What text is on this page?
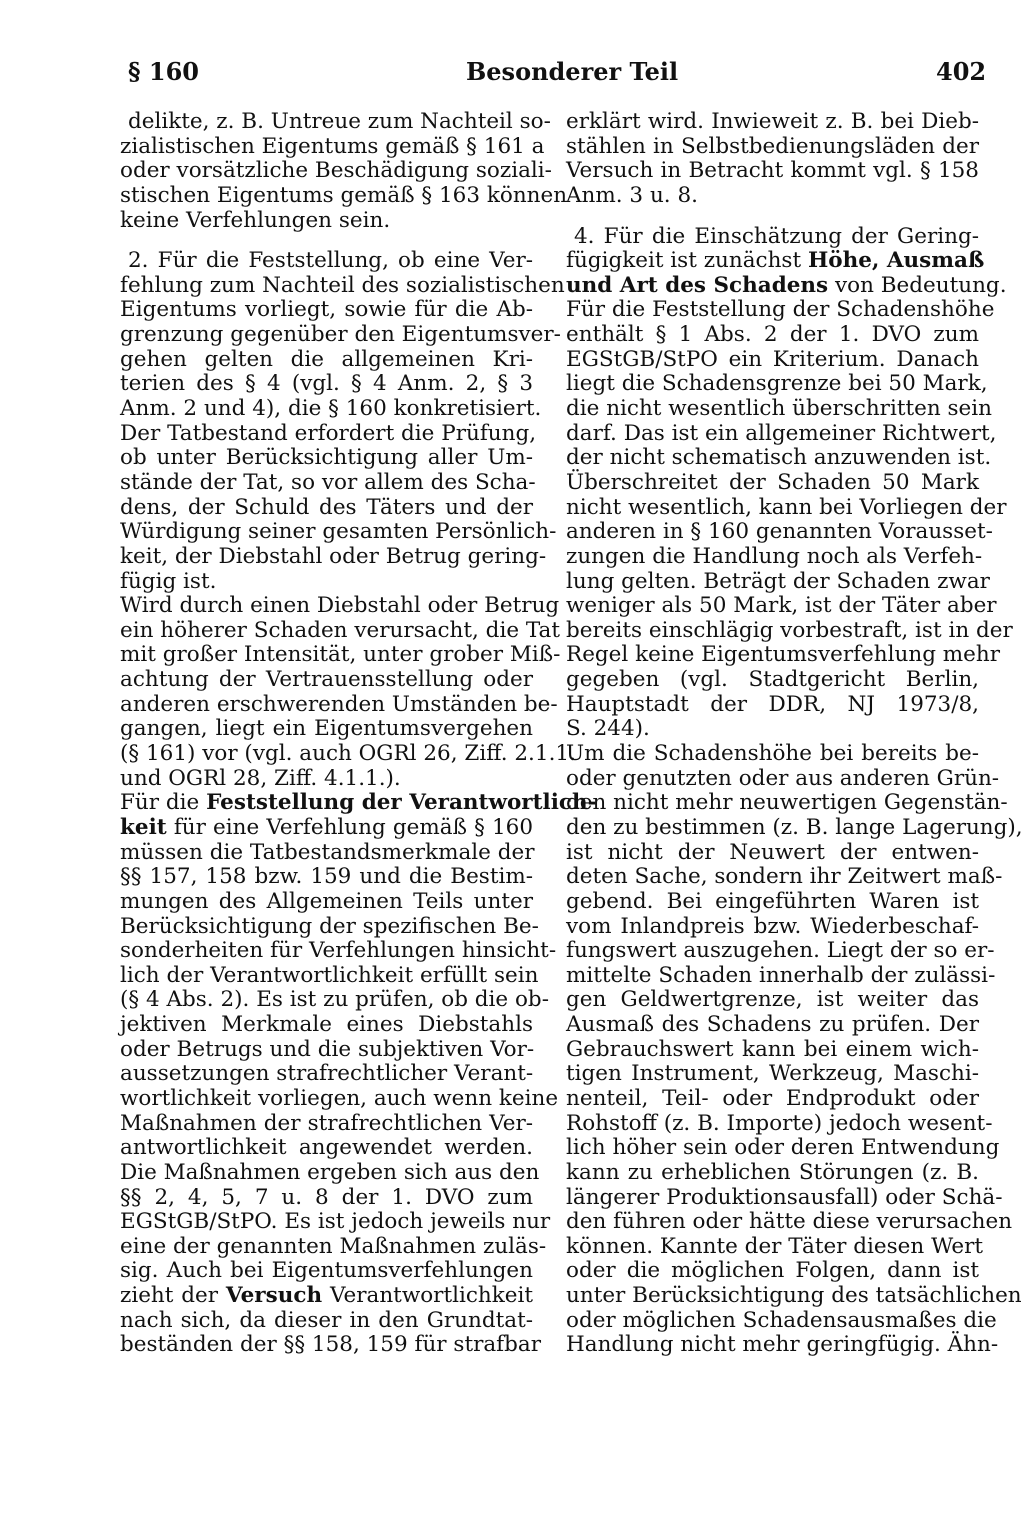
§ 160	Besonderer Teil	402
delikte, z. B. Untreue zum Nachteil so-
zialistischen Eigentums gemäß § 161 a
oder vorsätzliche Beschädigung soziali-
stischen Eigentums gemäß § 163 können
keine Verfehlungen sein.
2. Für die Feststellung, ob eine Ver-
fehlung zum Nachteil des sozialistischen
Eigentums vorliegt, sowie für die Ab-
grenzung gegenüber den Eigentumsver-
gehen gelten die allgemeinen Kri-
terien des § 4 (vgl. § 4 Anm. 2, § 3
Anm. 2 und 4), die § 160 konkretisiert.
Der Tatbestand erfordert die Prüfung,
ob unter Berücksichtigung aller Um-
stände der Tat, so vor allem des Scha-
dens, der Schuld des Täters und der
Würdigung seiner gesamten Persönlich-
keit, der Diebstahl oder Betrug gering-
fügig ist.
Wird durch einen Diebstahl oder Betrug
ein höherer Schaden verursacht, die Tat
mit großer Intensität, unter grober Miß-
achtung der Vertrauensstellung oder
anderen erschwerenden Umständen be-
gangen, liegt ein Eigentumsvergehen
(§ 161) vor (vgl. auch OGRl 26, Ziff. 2.1.1.
und OGRl 28, Ziff. 4.1.1.).
Für die Feststellung der Verantwortlich-
keit für eine Verfehlung gemäß § 160
müssen die Tatbestandsmerkmale der
§§ 157, 158 bzw. 159 und die Bestim-
mungen des Allgemeinen Teils unter
Berücksichtigung der spezifischen Be-
sonderheiten für Verfehlungen hinsicht-
lich der Verantwortlichkeit erfüllt sein
(§ 4 Abs. 2). Es ist zu prüfen, ob die ob-
jektiven Merkmale eines Diebstahls
oder Betrugs und die subjektiven Vor-
aussetzungen strafrechtlicher Verant-
wortlichkeit vorliegen, auch wenn keine
Maßnahmen der strafrechtlichen Ver-
antwortlichkeit angewendet werden.
Die Maßnahmen ergeben sich aus den
§§ 2, 4, 5, 7 u. 8 der 1. DVO zum
EGStGB/StPO. Es ist jedoch jeweils nur
eine der genannten Maßnahmen zuläs-
sig. Auch bei Eigentumsverfehlungen
zieht der Versuch Verantwortlichkeit
nach sich, da dieser in den Grundtat-
beständen der §§ 158, 159 für strafbar
erklärt wird. Inwieweit z. B. bei Dieb-
stählen in Selbstbedienungsläden der
Versuch in Betracht kommt vgl. § 158
Anm. 3 u. 8.
4. Für die Einschätzung der Gering-
fügigkeit ist zunächst Höhe, Ausmaß
und Art des Schadens von Bedeutung.
Für die Feststellung der Schadenshöhe
enthält § 1 Abs. 2 der 1. DVO zum
EGStGB/StPO ein Kriterium. Danach
liegt die Schadensgrenze bei 50 Mark,
die nicht wesentlich überschritten sein
darf. Das ist ein allgemeiner Richtwert,
der nicht schematisch anzuwenden ist.
Überschreitet der Schaden 50 Mark
nicht wesentlich, kann bei Vorliegen der
anderen in § 160 genannten Vorausset-
zungen die Handlung noch als Verfeh-
lung gelten. Beträgt der Schaden zwar
weniger als 50 Mark, ist der Täter aber
bereits einschlägig vorbestraft, ist in der
Regel keine Eigentumsverfehlung mehr
gegeben (vgl. Stadtgericht Berlin,
Hauptstadt der DDR, NJ 1973/8,
S. 244).
Um die Schadenshöhe bei bereits be-
oder genutzten oder aus anderen Grün-
den nicht mehr neuwertigen Gegenstän-
den zu bestimmen (z. B. lange Lagerung),
ist nicht der Neuwert der entwen-
deten Sache, sondern ihr Zeitwert maß-
gebend. Bei eingeführten Waren ist
vom Inlandpreis bzw. Wiederbeschaf-
fungswert auszugehen. Liegt der so er-
mittelte Schaden innerhalb der zulässi-
gen Geldwertgrenze, ist weiter das
Ausmaß des Schadens zu prüfen. Der
Gebrauchswert kann bei einem wich-
tigen Instrument, Werkzeug, Maschi-
nenteil, Teil- oder Endprodukt oder
Rohstoff (z. B. Importe) jedoch wesent-
lich höher sein oder deren Entwendung
kann zu erheblichen Störungen (z. B.
längerer Produktionsausfall) oder Schä-
den führen oder hätte diese verursachen
können. Kannte der Täter diesen Wert
oder die möglichen Folgen, dann ist
unter Berücksichtigung des tatsächlichen
oder möglichen Schadensausmaßes die
Handlung nicht mehr geringfügig. Ähn-
